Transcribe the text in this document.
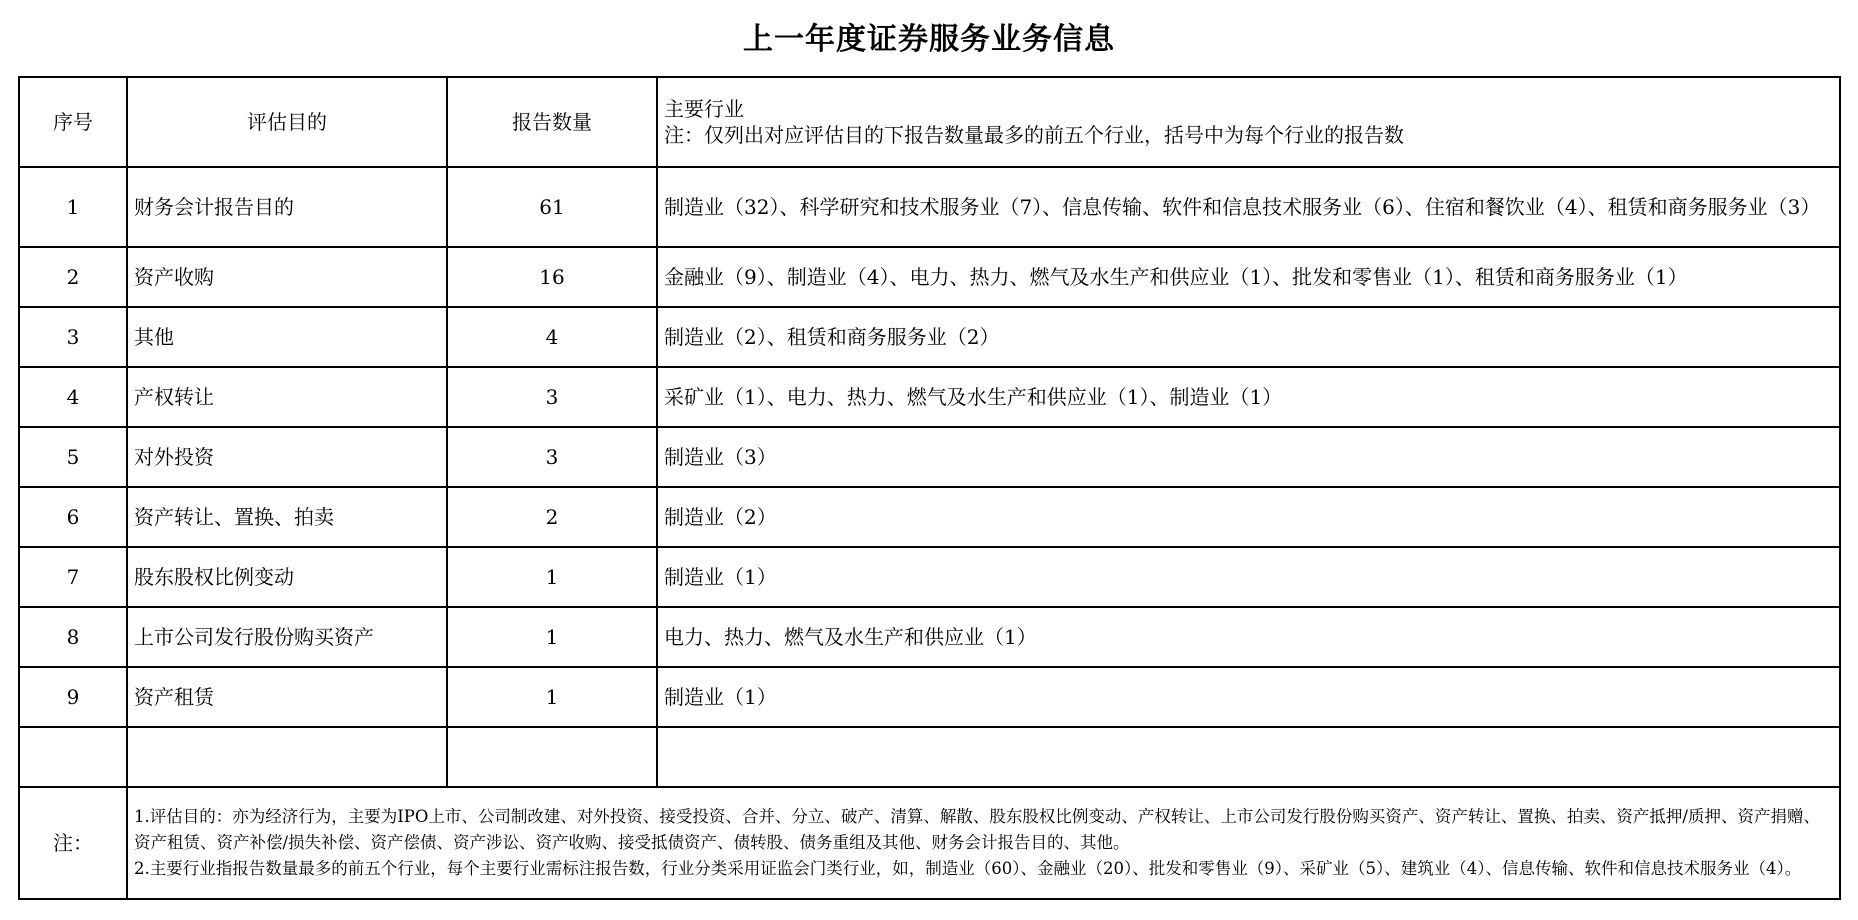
上一年度证券服务业务信息
序号	评估目的	报告数量	主要行业
注：仅列出对应评估目的下报告数量最多的前五个行业，括号中为每个行业的报告数

1	财务会计报告目的	61	制造业（32）、科学研究和技术服务业（7）、信息传输、软件和信息技术服务业（6）、住宿和餐饮业（4）、租赁和商务服务业（3）
2	资产收购	16	金融业（9）、制造业（4）、电力、热力、燃气及水生产和供应业（1）、批发和零售业（1）、租赁和商务服务业（1）
3	其他	4	制造业（2）、租赁和商务服务业（2）
4	产权转让	3	采矿业（1）、电力、热力、燃气及水生产和供应业（1）、制造业（1）
5	对外投资	3	制造业（3）
6	资产转让、置换、拍卖	2	制造业（2）
7	股东股权比例变动	1	制造业（1）
8	上市公司发行股份购买资产	1	电力、热力、燃气及水生产和供应业（1）
9	资产租赁	1	制造业（1）

注：	1.评估目的：亦为经济行为，主要为IPO上市、公司制改建、对外投资、接受投资、合并、分立、破产、清算、解散、股东股权比例变动、产权转让、上市公司发行股份购买资产、资产转让、置换、拍卖、资产抵押/质押、资产捐赠、资产租赁、资产补偿/损失补偿、资产偿债、资产涉讼、资产收购、接受抵债资产、债转股、债务重组及其他、财务会计报告目的、其他。
2.主要行业指报告数量最多的前五个行业，每个主要行业需标注报告数，行业分类采用证监会门类行业，如，制造业（60）、金融业（20）、批发和零售业（9）、采矿业（5）、建筑业（4）、信息传输、软件和信息技术服务业（4）。		
